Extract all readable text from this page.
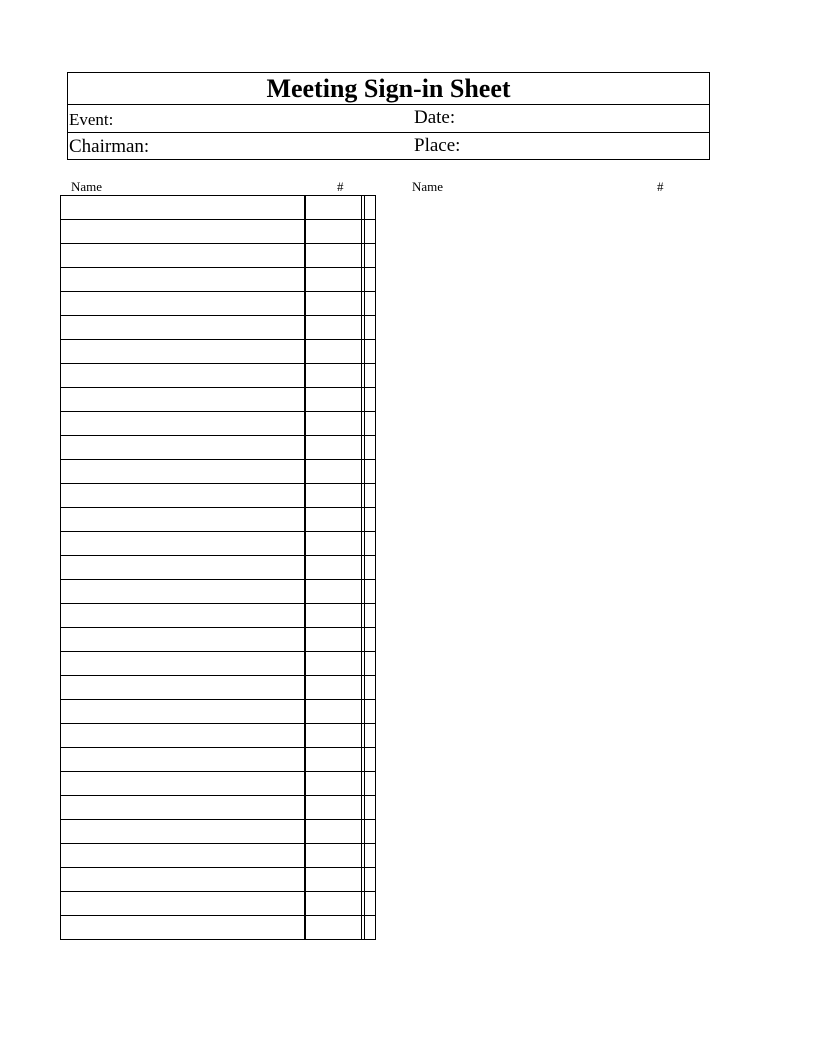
Meeting Sign-in Sheet
Event:	Date:
Chairman:	Place:
Name	#	Name	#
